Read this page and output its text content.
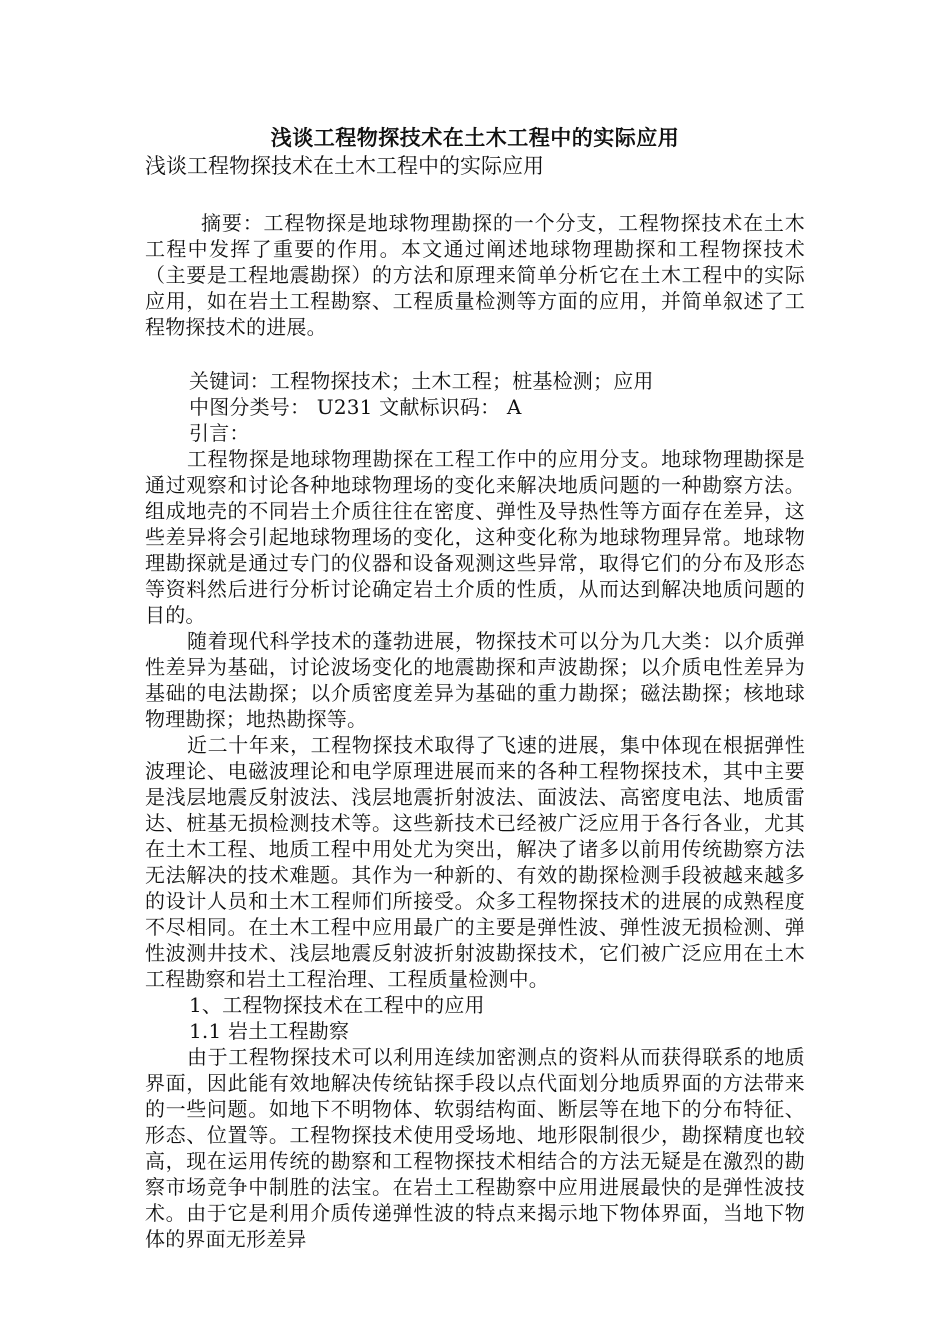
浅谈工程物探技术在土木工程中的实际应用
浅谈工程物探技术在土木工程中的实际应用

摘要：工程物探是地球物理勘探的一个分支，工程物探技术在土木工程中发挥了重要的作用。本文通过阐述地球物理勘探和工程物探技术（主要是工程地震勘探）的方法和原理来简单分析它在土木工程中的实际应用，如在岩土工程勘察、工程质量检测等方面的应用，并简单叙述了工程物探技术的进展。

关键词：工程物探技术；土木工程；桩基检测；应用

中图分类号： U231 文献标识码： A

引言：

工程物探是地球物理勘探在工程工作中的应用分支。地球物理勘探是通过观察和讨论各种地球物理场的变化来解决地质问题的一种勘察方法。组成地壳的不同岩土介质往往在密度、弹性及导热性等方面存在差异，这些差异将会引起地球物理场的变化，这种变化称为地球物理异常。地球物理勘探就是通过专门的仪器和设备观测这些异常，取得它们的分布及形态等资料然后进行分析讨论确定岩土介质的性质，从而达到解决地质问题的目的。

随着现代科学技术的蓬勃进展，物探技术可以分为几大类：以介质弹性差异为基础，讨论波场变化的地震勘探和声波勘探；以介质电性差异为基础的电法勘探；以介质密度差异为基础的重力勘探；磁法勘探；核地球物理勘探；地热勘探等。

近二十年来，工程物探技术取得了飞速的进展，集中体现在根据弹性波理论、电磁波理论和电学原理进展而来的各种工程物探技术，其中主要是浅层地震反射波法、浅层地震折射波法、面波法、高密度电法、地质雷达、桩基无损检测技术等。这些新技术已经被广泛应用于各行各业，尤其在土木工程、地质工程中用处尤为突出，解决了诸多以前用传统勘察方法无法解决的技术难题。其作为一种新的、有效的勘探检测手段被越来越多的设计人员和土木工程师们所接受。众多工程物探技术的进展的成熟程度不尽相同。在土木工程中应用最广的主要是弹性波、弹性波无损检测、弹性波测井技术、浅层地震反射波折射波勘探技术，它们被广泛应用在土木工程勘察和岩土工程治理、工程质量检测中。

1、工程物探技术在工程中的应用

1.1 岩土工程勘察

由于工程物探技术可以利用连续加密测点的资料从而获得联系的地质界面，因此能有效地解决传统钻探手段以点代面划分地质界面的方法带来的一些问题。如地下不明物体、软弱结构面、断层等在地下的分布特征、形态、位置等。工程物探技术使用受场地、地形限制很少，勘探精度也较高，现在运用传统的勘察和工程物探技术相结合的方法无疑是在激烈的勘察市场竞争中制胜的法宝。在岩土工程勘察中应用进展最快的是弹性波技术。由于它是利用介质传递弹性波的特点来揭示地下物体界面，当地下物体的界面无形差异
